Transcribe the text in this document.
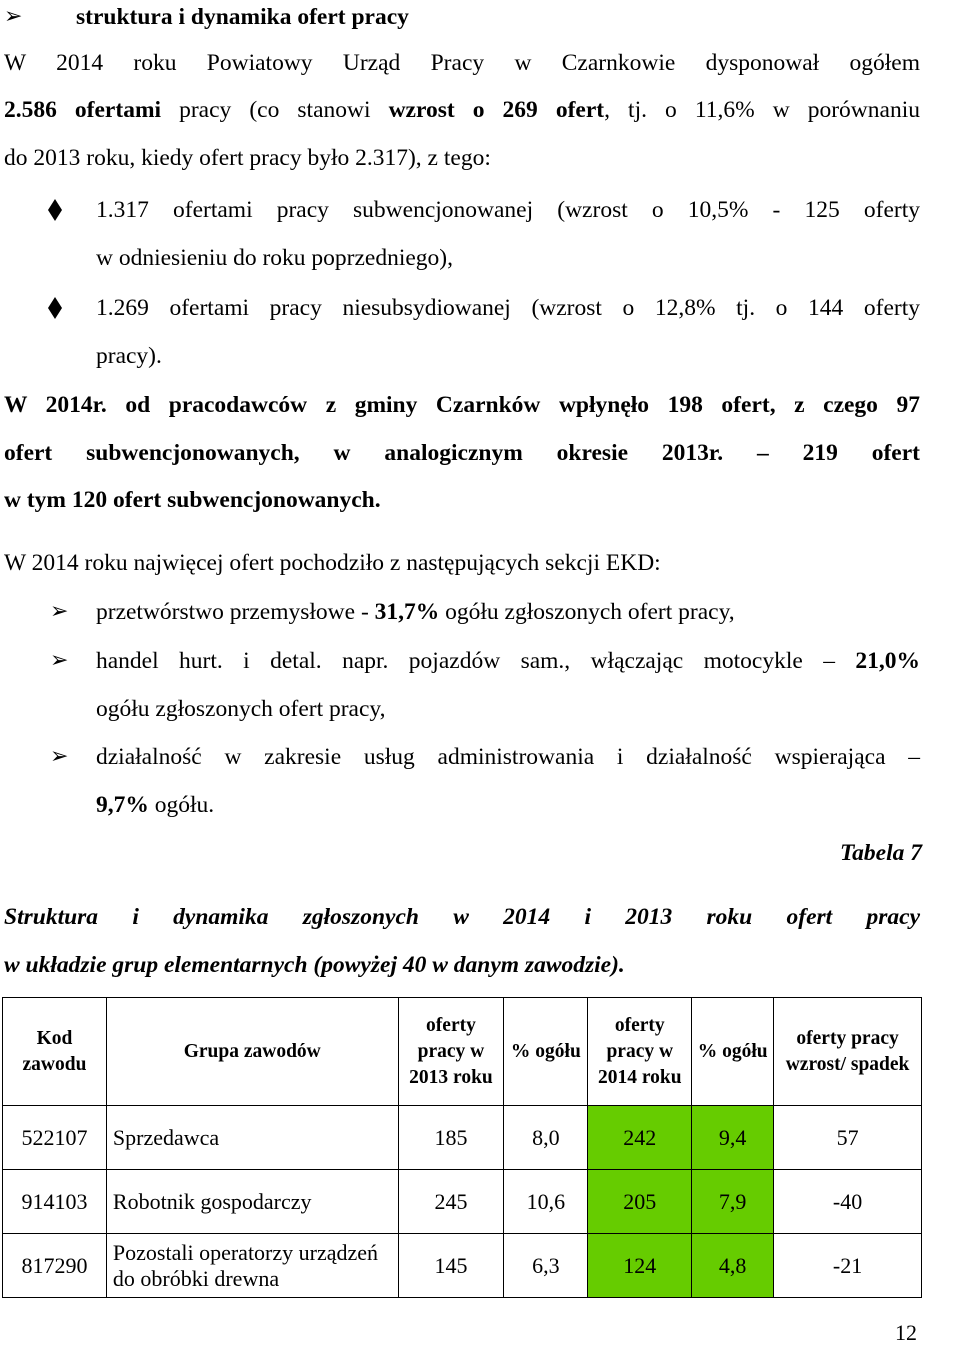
➢ struktura i dynamika ofert pracy
W 2014 roku Powiatowy Urząd Pracy w Czarnkowie dysponował ogółem
2.586 ofertami pracy (co stanowi wzrost o 269 ofert, tj. o 11,6% w porównaniu
do 2013 roku, kiedy ofert pracy było 2.317), z tego:
1.317 ofertami pracy subwencjonowanej (wzrost o 10,5% - 125 oferty
w odniesieniu do roku poprzedniego),
1.269 ofertami pracy niesubsydiowanej (wzrost o 12,8% tj. o 144 oferty
pracy).
W 2014r. od pracodawców z gminy Czarnków wpłynęło 198 ofert, z czego 97
ofert subwencjonowanych, w analogicznym okresie 2013r. – 219 ofert
w tym 120 ofert subwencjonowanych.
W 2014 roku najwięcej ofert pochodziło z następujących sekcji EKD:
➢ przetwórstwo przemysłowe - 31,7% ogółu zgłoszonych ofert pracy,
➢ handel hurt. i detal. napr. pojazdów sam., włączając motocykle – 21,0%
ogółu zgłoszonych ofert pracy,
➢ działalność w zakresie usług administrowania i działalność wspierająca –
9,7% ogółu.
Tabela 7
Struktura i dynamika zgłoszonych w 2014 i 2013 roku ofert pracy
w układzie grup elementarnych (powyżej 40 w danym zawodzie).
Kod zawodu	Grupa zawodów	oferty pracy w 2013 roku	% ogółu	oferty pracy w 2014 roku	% ogółu	oferty pracy wzrost/ spadek
522107	Sprzedawca	185	8,0	242	9,4	57
914103	Robotnik gospodarczy	245	10,6	205	7,9	-40
817290	Pozostali operatorzy urządzeń do obróbki drewna	145	6,3	124	4,8	-21
12
